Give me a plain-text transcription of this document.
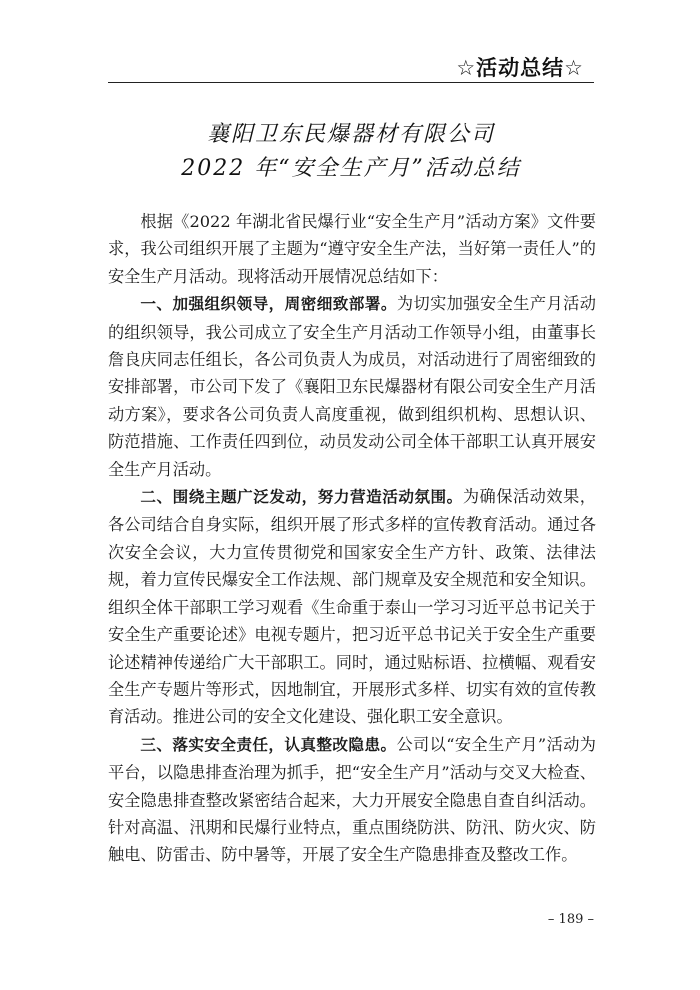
☆活动总结☆
襄阳卫东民爆器材有限公司
2022 年“安全生产月”活动总结

根据《2022 年湖北省民爆行业“安全生产月”活动方案》文件要求，我公司组织开展了主题为“遵守安全生产法，当好第一责任人”的安全生产月活动。现将活动开展情况总结如下：

一、加强组织领导，周密细致部署。为切实加强安全生产月活动的组织领导，我公司成立了安全生产月活动工作领导小组，由董事长詹良庆同志任组长，各公司负责人为成员，对活动进行了周密细致的安排部署，市公司下发了《襄阳卫东民爆器材有限公司安全生产月活动方案》，要求各公司负责人高度重视，做到组织机构、思想认识、防范措施、工作责任四到位，动员发动公司全体干部职工认真开展安全生产月活动。

二、围绕主题广泛发动，努力营造活动氛围。为确保活动效果，各公司结合自身实际，组织开展了形式多样的宣传教育活动。通过各次安全会议，大力宣传贯彻党和国家安全生产方针、政策、法律法规，着力宣传民爆安全工作法规、部门规章及安全规范和安全知识。组织全体干部职工学习观看《生命重于泰山一学习习近平总书记关于安全生产重要论述》电视专题片，把习近平总书记关于安全生产重要论述精神传递给广大干部职工。同时，通过贴标语、拉横幅、观看安全生产专题片等形式，因地制宜，开展形式多样、切实有效的宣传教育活动。推进公司的安全文化建设、强化职工安全意识。

三、落实安全责任，认真整改隐患。公司以“安全生产月”活动为平台，以隐患排查治理为抓手，把“安全生产月”活动与交叉大检查、安全隐患排查整改紧密结合起来，大力开展安全隐患自查自纠活动。针对高温、汛期和民爆行业特点，重点围绕防洪、防汛、防火灾、防触电、防雷击、防中暑等，开展了安全生产隐患排查及整改工作。

– 189 –
